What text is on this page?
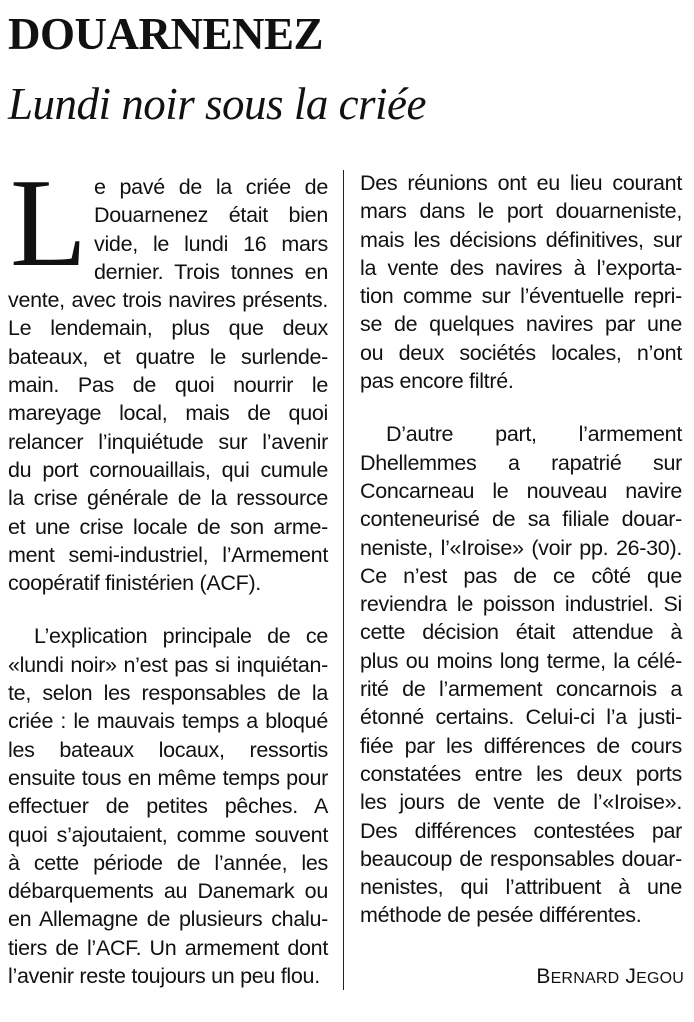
DOUARNENEZ
Lundi noir sous la criée
L e pavé de la criée de
Douarnenez était bien
vide, le lundi 16 mars
dernier. Trois tonnes en
vente, avec trois navires présents.
Le lendemain, plus que deux
bateaux, et quatre le surlende-
main. Pas de quoi nourrir le
mareyage local, mais de quoi
relancer l’inquiétude sur l’avenir
du port cornouaillais, qui cumule
la crise générale de la ressource
et une crise locale de son arme-
ment semi-industriel, l’Armement
coopératif finistérien (ACF).
L’explication principale de ce
«lundi noir» n’est pas si inquiétan-
te, selon les responsables de la
criée : le mauvais temps a bloqué
les bateaux locaux, ressortis
ensuite tous en même temps pour
effectuer de petites pêches. A
quoi s’ajoutaient, comme souvent
à cette période de l’année, les
débarquements au Danemark ou
en Allemagne de plusieurs chalu-
tiers de l’ACF. Un armement dont
l’avenir reste toujours un peu flou.
Des réunions ont eu lieu courant
mars dans le port douarneniste,
mais les décisions définitives, sur
la vente des navires à l’exporta-
tion comme sur l’éventuelle repri-
se de quelques navires par une
ou deux sociétés locales, n’ont
pas encore filtré.
D’autre part, l’armement
Dhellemmes a rapatrié sur
Concarneau le nouveau navire
conteneurisé de sa filiale douar-
neniste, l’«Iroise» (voir pp. 26-30).
Ce n’est pas de ce côté que
reviendra le poisson industriel. Si
cette décision était attendue à
plus ou moins long terme, la célé-
rité de l’armement concarnois a
étonné certains. Celui-ci l’a justi-
fiée par les différences de cours
constatées entre les deux ports
les jours de vente de l’«Iroise».
Des différences contestées par
beaucoup de responsables douar-
nenistes, qui l’attribuent à une
méthode de pesée différentes.
BERNARD JEGOU
